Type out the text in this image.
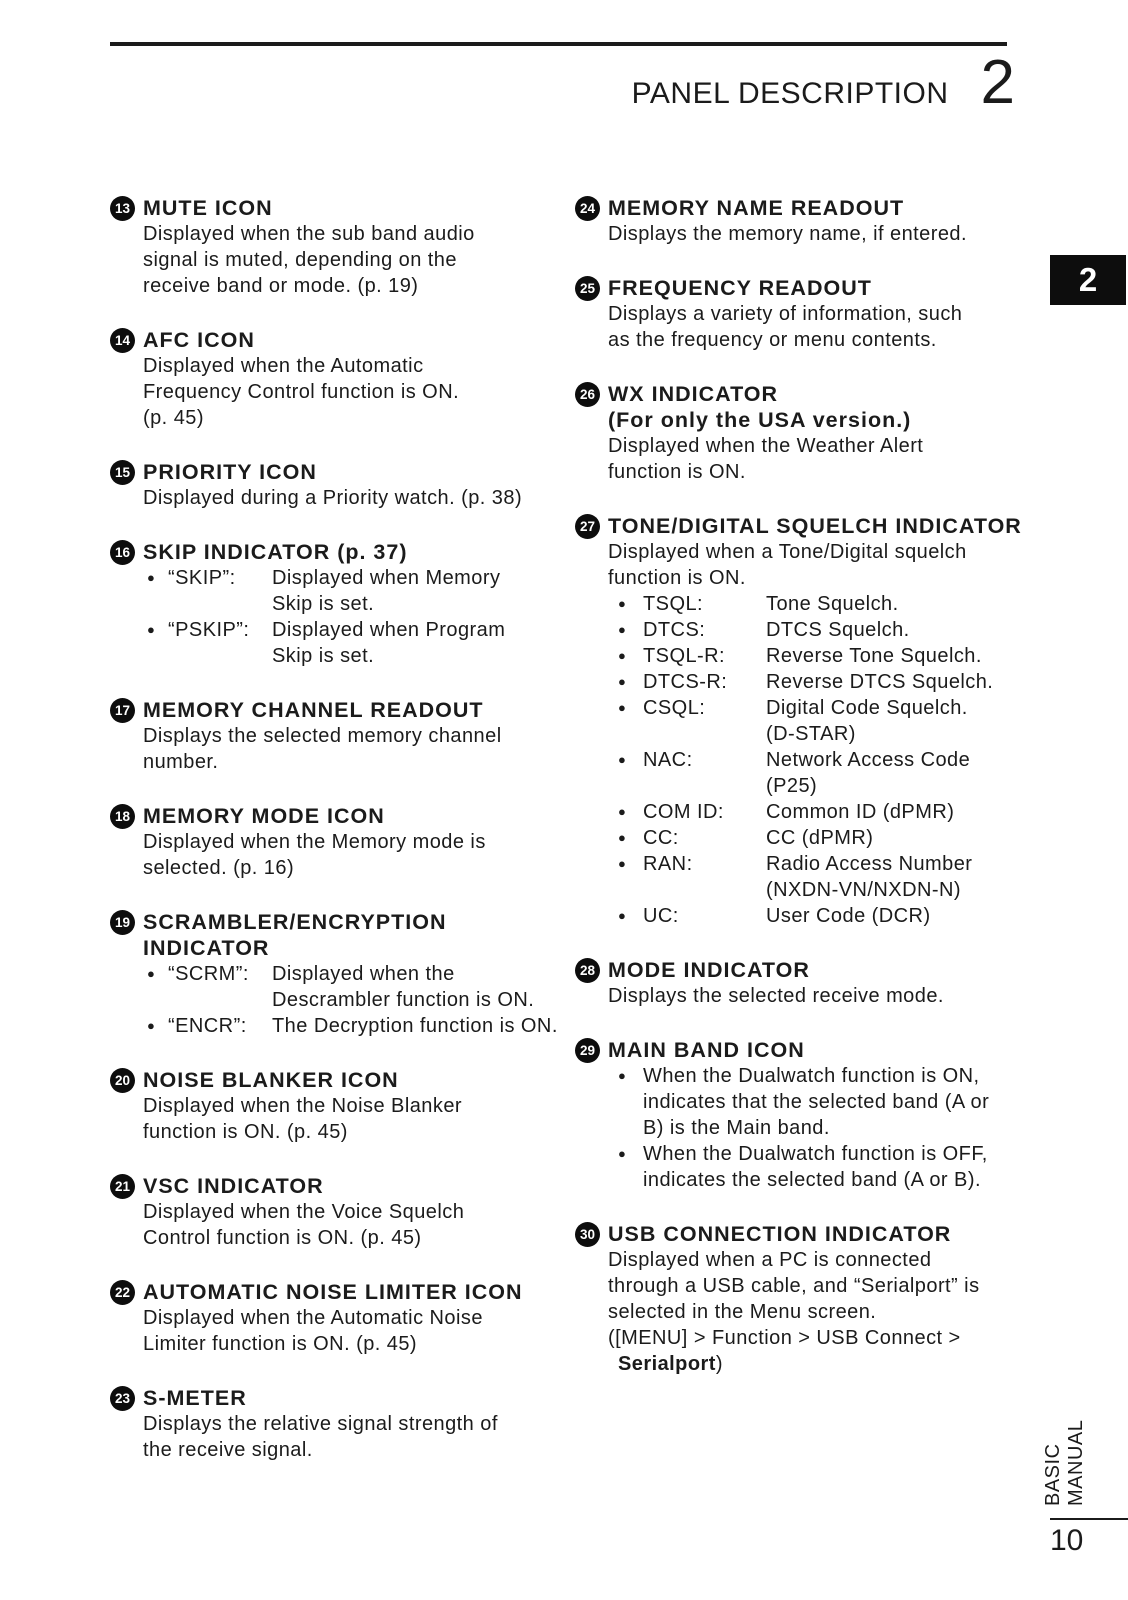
PANEL DESCRIPTION 2
2
13 MUTE ICON
Displayed when the sub band audio
signal is muted, depending on the
receive band or mode. (p. 19)
14 AFC ICON
Displayed when the Automatic
Frequency Control function is ON.
(p. 45)
15 PRIORITY ICON
Displayed during a Priority watch. (p. 38)
16 SKIP INDICATOR (p. 37)
● “SKIP”:	Displayed when Memory
Skip is set.
● “PSKIP”:	Displayed when Program
Skip is set.
17 MEMORY CHANNEL READOUT
Displays the selected memory channel
number.
18 MEMORY MODE ICON
Displayed when the Memory mode is
selected. (p. 16)
19 SCRAMBLER/ENCRYPTION
INDICATOR
● “SCRM”:	Displayed when the
Descrambler function is ON.
● “ENCR”:	The Decryption function is ON.
20 NOISE BLANKER ICON
Displayed when the Noise Blanker
function is ON. (p. 45)
21 VSC INDICATOR
Displayed when the Voice Squelch
Control function is ON. (p. 45)
22 AUTOMATIC NOISE LIMITER ICON
Displayed when the Automatic Noise
Limiter function is ON. (p. 45)
23 S-METER
Displays the relative signal strength of
the receive signal.
24 MEMORY NAME READOUT
Displays the memory name, if entered.
25 FREQUENCY READOUT
Displays a variety of information, such
as the frequency or menu contents.
26 WX INDICATOR
(For only the USA version.)
Displayed when the Weather Alert
function is ON.
27 TONE/DIGITAL SQUELCH INDICATOR
Displayed when a Tone/Digital squelch
function is ON.
● TSQL:	Tone Squelch.
● DTCS:	DTCS Squelch.
● TSQL-R:	Reverse Tone Squelch.
● DTCS-R:	Reverse DTCS Squelch.
● CSQL:	Digital Code Squelch.
(D-STAR)
● NAC:	Network Access Code
(P25)
● COM ID:	Common ID (dPMR)
● CC:	CC (dPMR)
● RAN:	Radio Access Number
(NXDN-VN/NXDN-N)
● UC:	User Code (DCR)
28 MODE INDICATOR
Displays the selected receive mode.
29 MAIN BAND ICON
● When the Dualwatch function is ON,
indicates that the selected band (A or
B) is the Main band.
● When the Dualwatch function is OFF,
indicates the selected band (A or B).
30 USB CONNECTION INDICATOR
Displayed when a PC is connected
through a USB cable, and “Serialport” is
selected in the Menu screen.
([MENU] > Function > USB Connect >
Serialport)
BASIC MANUAL
10
